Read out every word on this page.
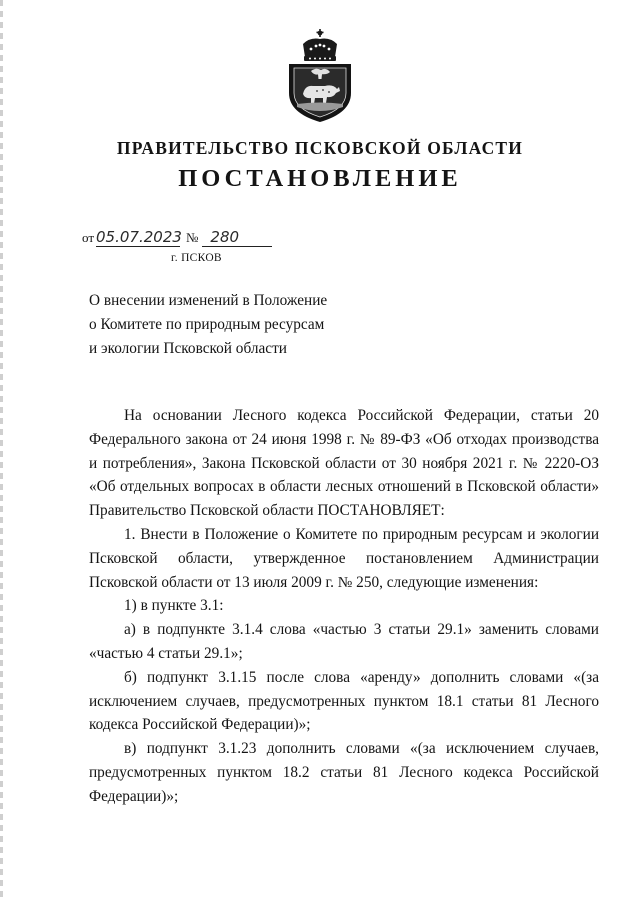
ПРАВИТЕЛЬСТВО ПСКОВСКОЙ ОБЛАСТИ
ПОСТАНОВЛЕНИЕ
от 05.07.2023 № 280
г. ПСКОВ
О внесении изменений в Положение
о Комитете по природным ресурсам
и экологии Псковской области

На основании Лесного кодекса Российской Федерации, статьи 20 Федерального закона от 24 июня 1998 г. № 89-ФЗ «Об отходах производства и потребления», Закона Псковской области от 30 ноября 2021 г. № 2220-ОЗ «Об отдельных вопросах в области лесных отношений в Псковской области» Правительство Псковской области ПОСТАНОВЛЯЕТ:

1. Внести в Положение о Комитете по природным ресурсам и экологии Псковской области, утвержденное постановлением Администрации Псковской области от 13 июля 2009 г. № 250, следующие изменения:

1) в пункте 3.1:

а) в подпункте 3.1.4 слова «частью 3 статьи 29.1» заменить словами «частью 4 статьи 29.1»;

б) подпункт 3.1.15 после слова «аренду» дополнить словами «(за исключением случаев, предусмотренных пунктом 18.1 статьи 81 Лесного кодекса Российской Федерации)»;

в) подпункт 3.1.23 дополнить словами «(за исключением случаев, предусмотренных пунктом 18.2 статьи 81 Лесного кодекса Российской Федерации)»;
